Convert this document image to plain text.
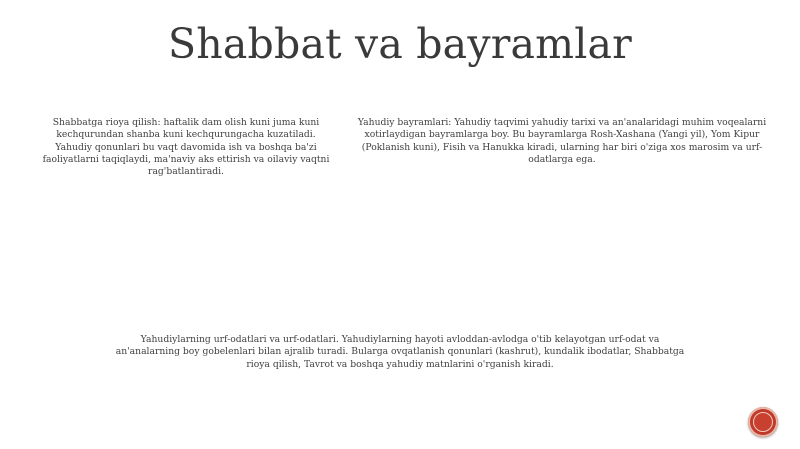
Shabbat va bayramlar

Shabbatga rioya qilish: haftalik dam olish kuni juma kuni kechqurundan shanba kuni kechqurungacha kuzatiladi. Yahudiy qonunlari bu vaqt davomida ish va boshqa ba'zi faoliyatlarni taqiqlaydi, ma'naviy aks ettirish va oilaviy vaqtni rag'batlantiradi.

Yahudiy bayramlari: Yahudiy taqvimi yahudiy tarixi va an'analaridagi muhim voqealarni xotirlaydigan bayramlarga boy. Bu bayramlarga Rosh-Xashana (Yangi yil), Yom Kipur (Poklanish kuni), Fisih va Hanukka kiradi, ularning har biri o'ziga xos marosim va urf-odatlarga ega.

Yahudiylarning urf-odatlari va urf-odatlari. Yahudiylarning hayoti avloddan-avlodga o'tib kelayotgan urf-odat va an'analarning boy gobelenlari bilan ajralib turadi. Bularga ovqatlanish qonunlari (kashrut), kundalik ibodatlar, Shabbatga rioya qilish, Tavrot va boshqa yahudiy matnlarini o'rganish kiradi.
